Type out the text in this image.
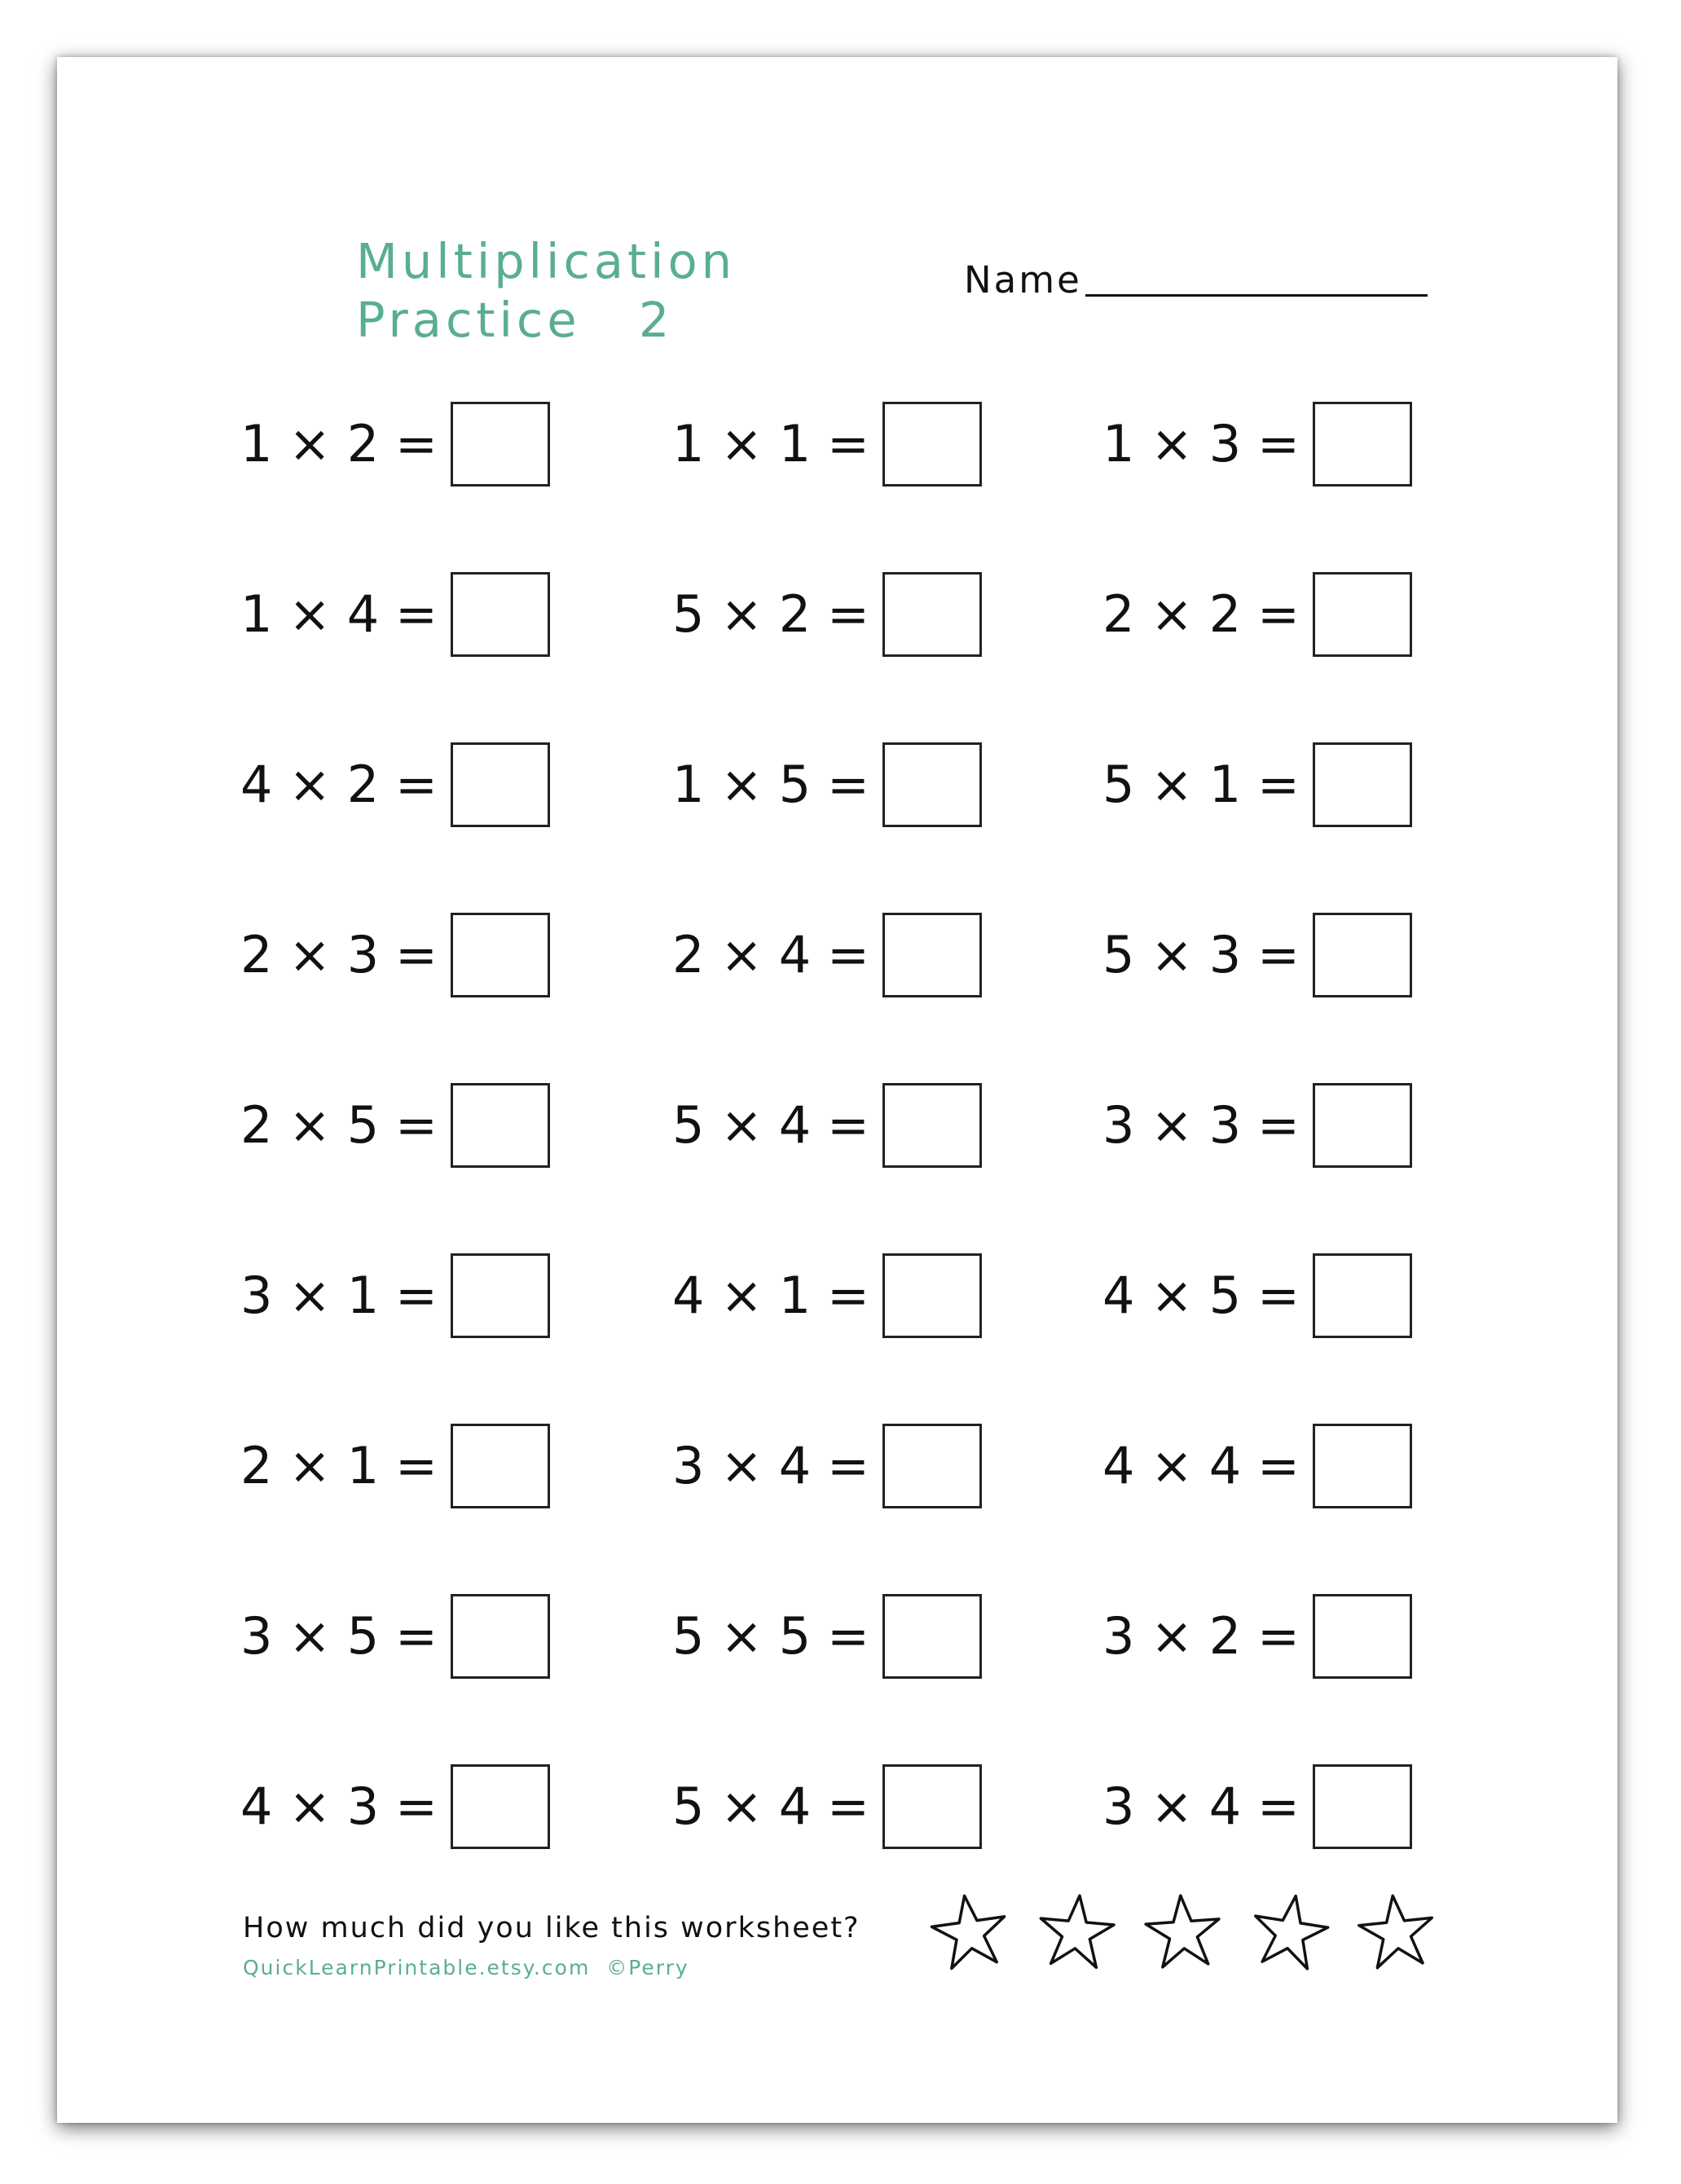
Multiplication
Practice   2
Name
1 × 2 =	1 × 1 =	1 × 3 =
1 × 4 =	5 × 2 =	2 × 2 =
4 × 2 =	1 × 5 =	5 × 1 =
2 × 3 =	2 × 4 =	5 × 3 =
2 × 5 =	5 × 4 =	3 × 3 =
3 × 1 =	4 × 1 =	4 × 5 =
2 × 1 =	3 × 4 =	4 × 4 =
3 × 5 =	5 × 5 =	3 × 2 =
4 × 3 =	5 × 4 =	3 × 4 =
How much did you like this worksheet?
QuickLearnPrintable.etsy.com  ©Perry
